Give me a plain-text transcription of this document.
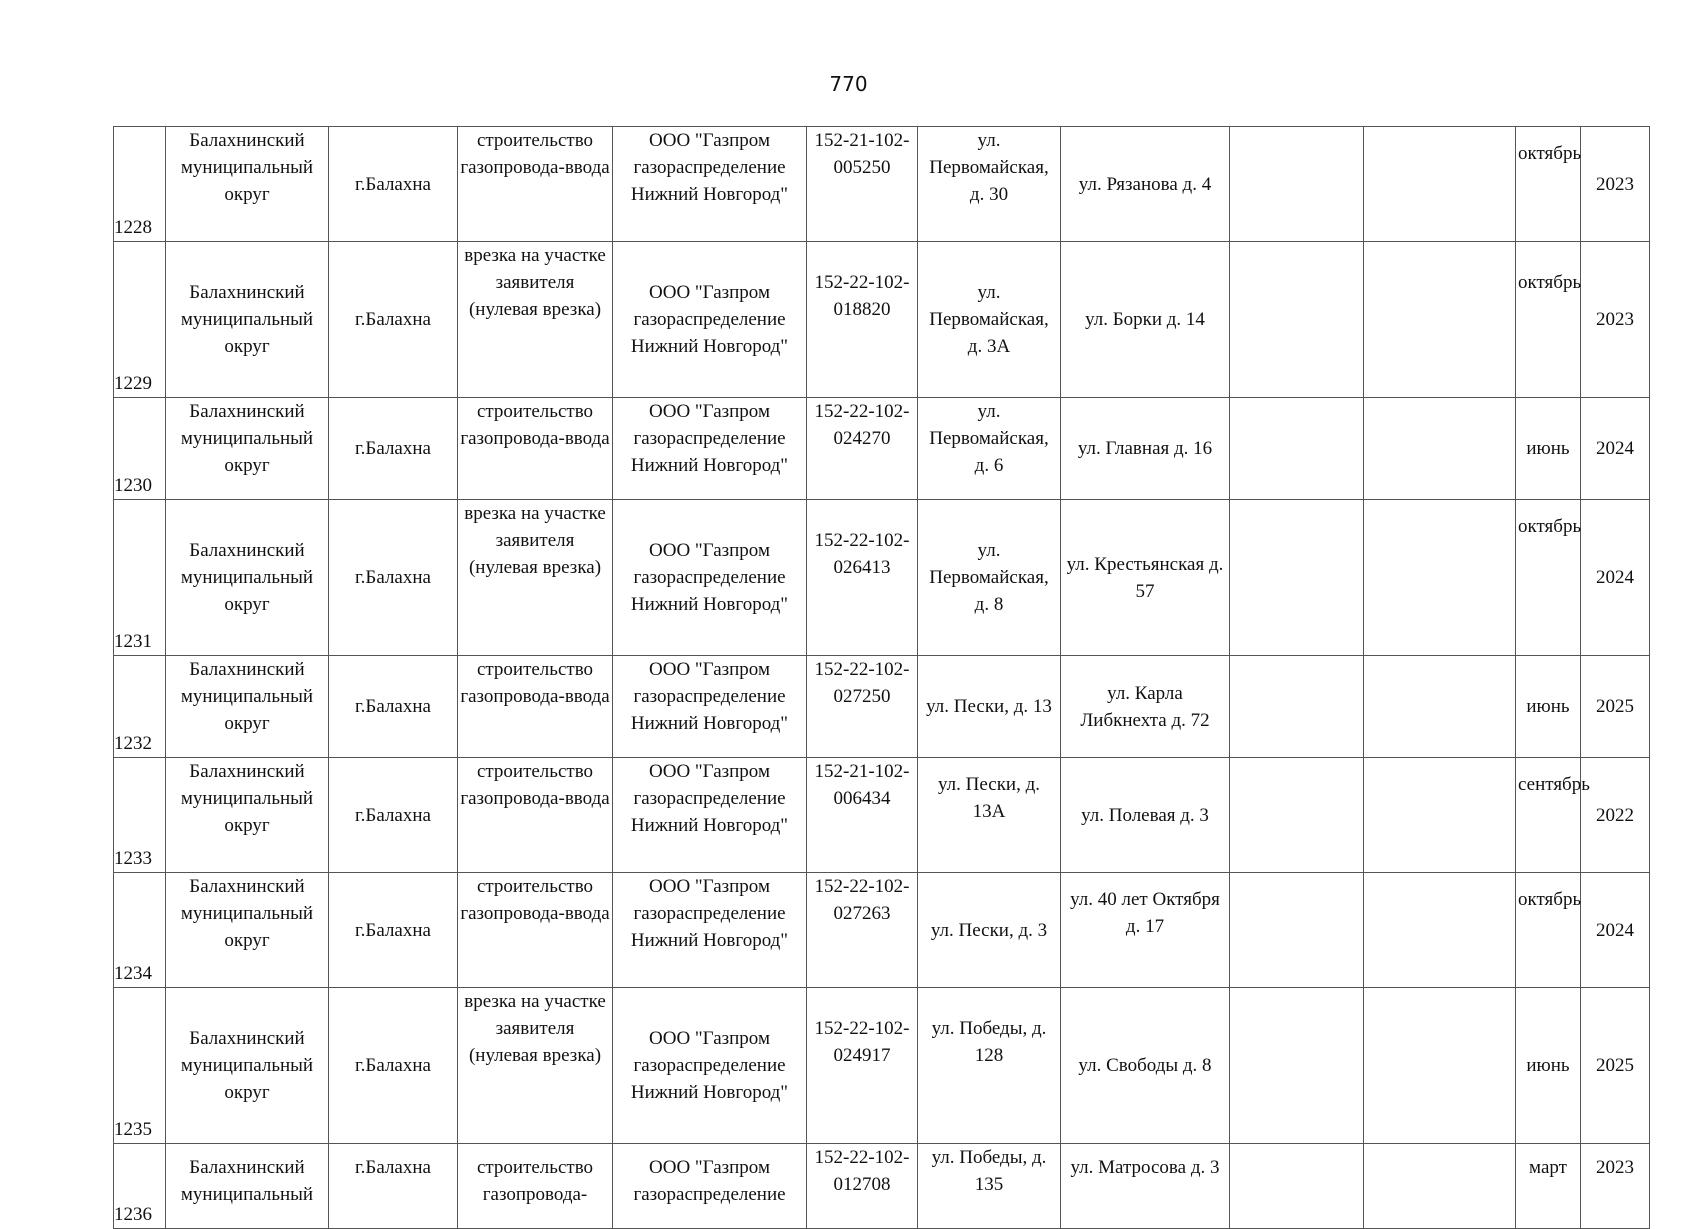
770
1228	Балахнинский муниципальный округ	г.Балахна	строительство газопровода-ввода	ООО "Газпром газораспределение Нижний Новгород"	152-21-102-005250	ул. Первомайская, д. 30	ул. Рязанова д. 4			октябрь	2023
1229	Балахнинский муниципальный округ	г.Балахна	врезка на участке заявителя (нулевая врезка)	ООО "Газпром газораспределение Нижний Новгород"	152-22-102-018820	ул. Первомайская, д. 3А	ул. Борки д. 14			октябрь	2023
1230	Балахнинский муниципальный округ	г.Балахна	строительство газопровода-ввода	ООО "Газпром газораспределение Нижний Новгород"	152-22-102-024270	ул. Первомайская, д. 6	ул. Главная д. 16			июнь	2024
1231	Балахнинский муниципальный округ	г.Балахна	врезка на участке заявителя (нулевая врезка)	ООО "Газпром газораспределение Нижний Новгород"	152-22-102-026413	ул. Первомайская, д. 8	ул. Крестьянская д. 57			октябрь	2024
1232	Балахнинский муниципальный округ	г.Балахна	строительство газопровода-ввода	ООО "Газпром газораспределение Нижний Новгород"	152-22-102-027250	ул. Пески, д. 13	ул. Карла Либкнехта д. 72			июнь	2025
1233	Балахнинский муниципальный округ	г.Балахна	строительство газопровода-ввода	ООО "Газпром газораспределение Нижний Новгород"	152-21-102-006434	ул. Пески, д. 13А	ул. Полевая д. 3			сентябрь	2022
1234	Балахнинский муниципальный округ	г.Балахна	строительство газопровода-ввода	ООО "Газпром газораспределение Нижний Новгород"	152-22-102-027263	ул. Пески, д. 3	ул. 40 лет Октября д. 17			октябрь	2024
1235	Балахнинский муниципальный округ	г.Балахна	врезка на участке заявителя (нулевая врезка)	ООО "Газпром газораспределение Нижний Новгород"	152-22-102-024917	ул. Победы, д. 128	ул. Свободы д. 8			июнь	2025
1236	Балахнинский муниципальный	г.Балахна	строительство газопровода-	ООО "Газпром газораспределение	152-22-102-012708	ул. Победы, д. 135	ул. Матросова д. 3			март	2023
